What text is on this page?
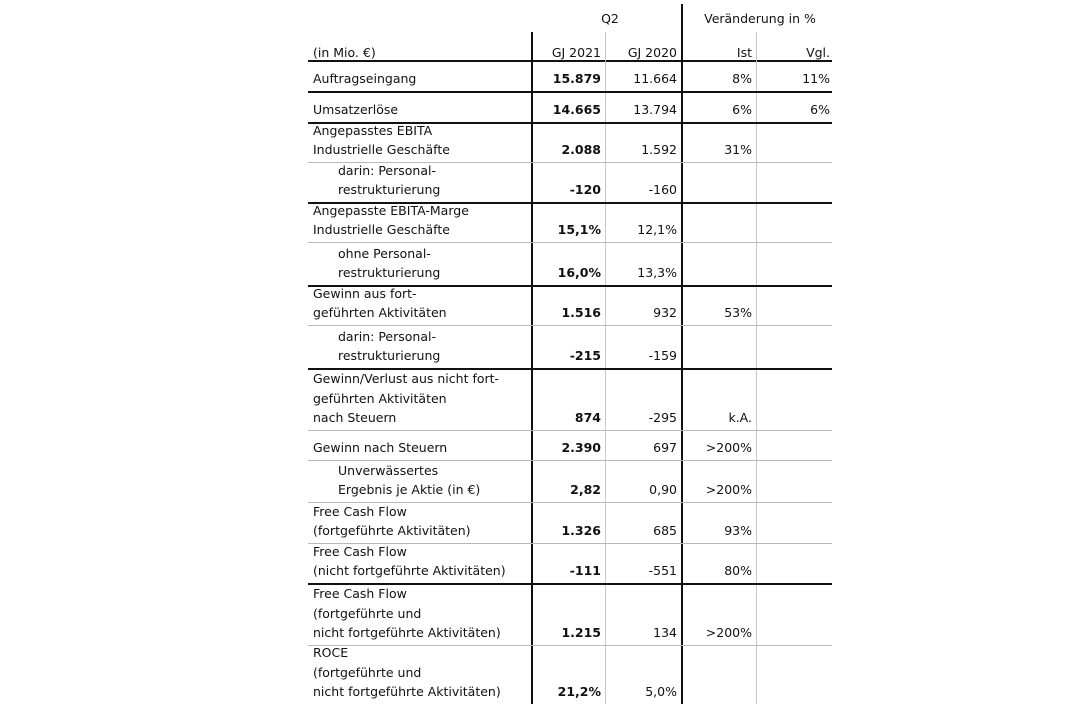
Q2	Veränderung in %
(in Mio. €)	GJ 2021	GJ 2020	Ist	Vgl.
Auftragseingang	15.879	11.664	8%	11%
Umsatzerlöse	14.665	13.794	6%	6%
Angepasstes EBITA
Industrielle Geschäfte	2.088	1.592	31%
darin: Personal-
restrukturierung	-120	-160
Angepasste EBITA-Marge
Industrielle Geschäfte	15,1%	12,1%
ohne Personal-
restrukturierung	16,0%	13,3%
Gewinn aus fort-
geführten Aktivitäten	1.516	932	53%
darin: Personal-
restrukturierung	-215	-159
Gewinn/Verlust aus nicht fort-
geführten Aktivitäten
nach Steuern	874	-295	k.A.
Gewinn nach Steuern	2.390	697	>200%
Unverwässertes
Ergebnis je Aktie (in €)	2,82	0,90	>200%
Free Cash Flow
(fortgeführte Aktivitäten)	1.326	685	93%
Free Cash Flow
(nicht fortgeführte Aktivitäten)	-111	-551	80%
Free Cash Flow
(fortgeführte und
nicht fortgeführte Aktivitäten)	1.215	134	>200%
ROCE
(fortgeführte und
nicht fortgeführte Aktivitäten)	21,2%	5,0%
